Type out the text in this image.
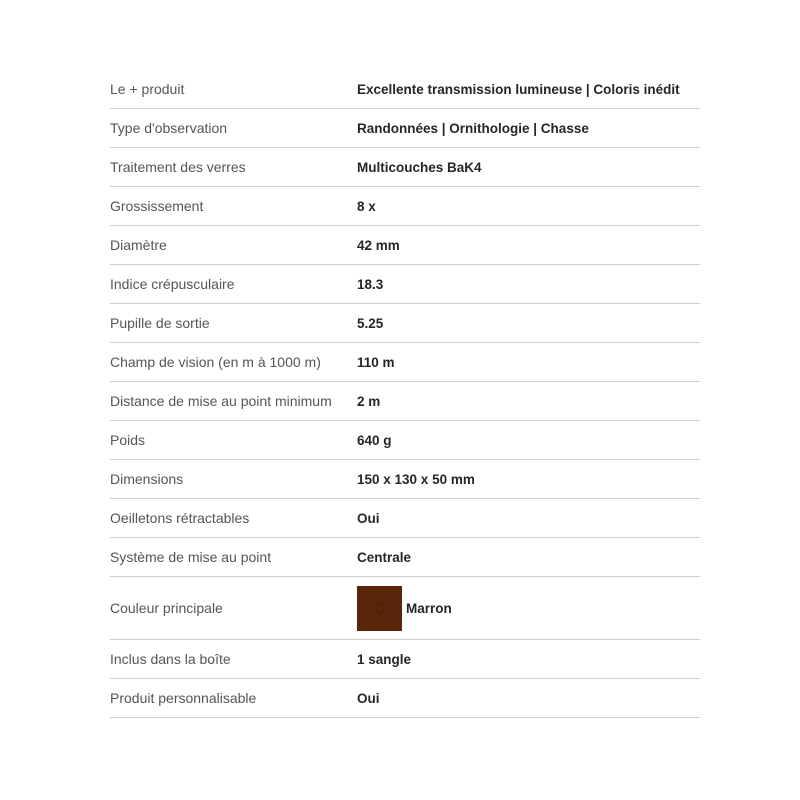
Le + produit	Excellente transmission lumineuse | Coloris inédit
Type d'observation	Randonnées | Ornithologie | Chasse
Traitement des verres	Multicouches BaK4
Grossissement	8 x
Diamètre	42 mm
Indice crépusculaire	18.3
Pupille de sortie	5.25
Champ de vision (en m à 1000 m)	110 m
Distance de mise au point minimum	2 m
Poids	640 g
Dimensions	150 x 130 x 50 mm
Oeilletons rétractables	Oui
Système de mise au point	Centrale
Couleur principale	Marron

Inclus dans la boîte	1 sangle
Produit personnalisable	Oui
